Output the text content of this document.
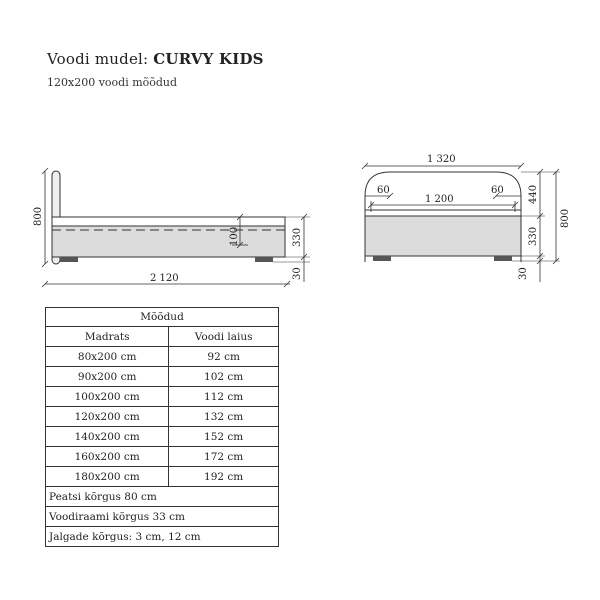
Voodi mudel: CURVY KIDS
120x200 voodi mõõdud
800
100	330
30
2 120
1 320
60	60
1 200	440
330
30
800
Mõõdud	
Madrats	Voodi laius
80x200 cm	92 cm
90x200 cm	102 cm
100x200 cm	112 cm
120x200 cm	132 cm
140x200 cm	152 cm
160x200 cm	172 cm
180x200 cm	192 cm
Peatsi kõrgus 80 cm	
Voodiraami kõrgus 33 cm	
Jalgade kõrgus: 3 cm, 12 cm	
